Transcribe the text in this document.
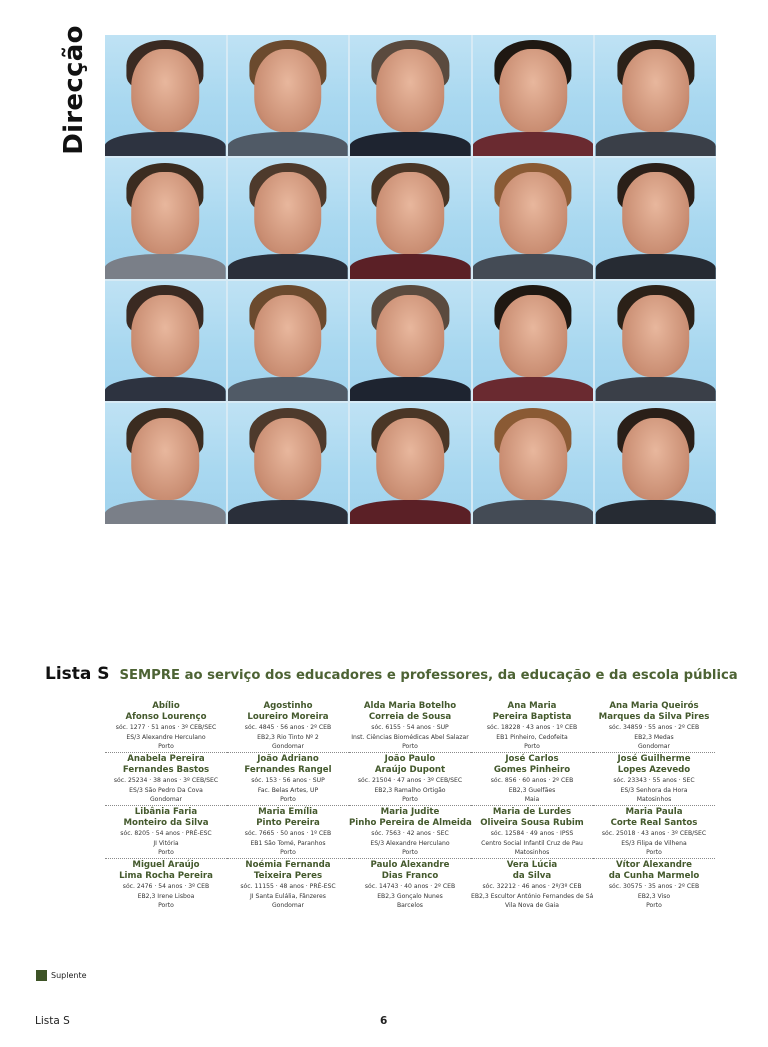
Direcção
Lista S SEMPRE ao serviço dos educadores e professores, da educação e da escola pública
Abílio
Afonso Lourenço
sóc. 1277 · 51 anos · 3º CEB/SEC
ES/3 Alexandre Herculano
Porto
Agostinho
Loureiro Moreira
sóc. 4845 · 56 anos · 2º CEB
EB2,3 Rio Tinto Nº 2
Gondomar
Alda Maria Botelho
Correia de Sousa
sóc. 6155 · 54 anos · SUP
Inst. Ciências Biomédicas Abel Salazar
Porto
Ana Maria
Pereira Baptista
sóc. 18228 · 43 anos · 1º CEB
EB1 Pinheiro, Cedofeita
Porto
Ana Maria Queirós
Marques da Silva Pires
sóc. 34859 · 55 anos · 2º CEB
EB2,3 Medas
Gondomar
Anabela Pereira
Fernandes Bastos
sóc. 25234 · 38 anos · 3º CEB/SEC
ES/3 São Pedro Da Cova
Gondomar
João Adriano
Fernandes Rangel
sóc. 153 · 56 anos · SUP
Fac. Belas Artes, UP
Porto
João Paulo
Araújo Dupont
sóc. 21504 · 47 anos · 3º CEB/SEC
EB2,3 Ramalho Ortigão
Porto
José Carlos
Gomes Pinheiro
sóc. 856 · 60 anos · 2º CEB
EB2,3 Guelfães
Maia
José Guilherme
Lopes Azevedo
sóc. 23343 · 55 anos · SEC
ES/3 Senhora da Hora
Matosinhos
Libânia Faria
Monteiro da Silva
sóc. 8205 · 54 anos · PRÉ-ESC
JI Vitória
Porto
Maria Emília
Pinto Pereira
sóc. 7665 · 50 anos · 1º CEB
EB1 São Tomé, Paranhos
Porto
Maria Judite
Pinho Pereira de Almeida
sóc. 7563 · 42 anos · SEC
ES/3 Alexandre Herculano
Porto
Maria de Lurdes
Oliveira Sousa Rubim
sóc. 12584 · 49 anos · IPSS
Centro Social Infantil Cruz de Pau
Matosinhos
Maria Paula
Corte Real Santos
sóc. 25018 · 43 anos · 3º CEB/SEC
ES/3 Filipa de Vilhena
Porto
Miguel Araújo
Lima Rocha Pereira
sóc. 2476 · 54 anos · 3º CEB
EB2,3 Irene Lisboa
Porto
Noémia Fernanda
Teixeira Peres
sóc. 11155 · 48 anos · PRÉ-ESC
JI Santa Eulália, Fânzeres
Gondomar
Paulo Alexandre
Dias Franco
sóc. 14743 · 40 anos · 2º CEB
EB2,3 Gonçalo Nunes
Barcelos
Vera Lúcia
da Silva
sóc. 32212 · 46 anos · 2º/3º CEB
EB2,3 Escultor António Fernandes de Sá
Vila Nova de Gaia
Vítor Alexandre
da Cunha Marmelo
sóc. 30575 · 35 anos · 2º CEB
EB2,3 Viso
Porto
Suplente
Lista S	6
